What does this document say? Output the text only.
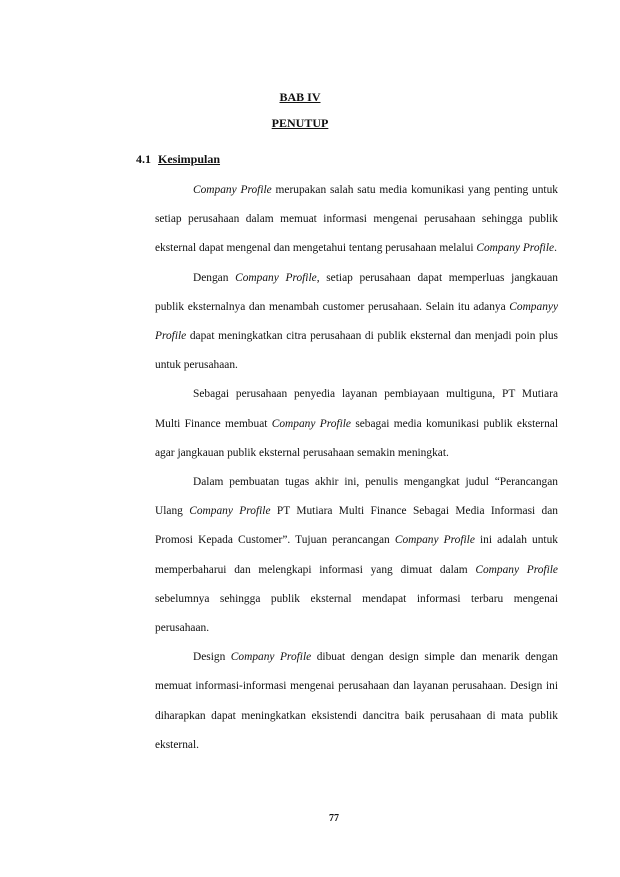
BAB IV
PENUTUP
4.1 Kesimpulan

Company Profile merupakan salah satu media komunikasi yang penting untuk setiap perusahaan dalam memuat informasi mengenai perusahaan sehingga publik eksternal dapat mengenal dan mengetahui tentang perusahaan melalui Company Profile.

Dengan Company Profile, setiap perusahaan dapat memperluas jangkauan publik eksternalnya dan menambah customer perusahaan. Selain itu adanya Companyy Profile dapat meningkatkan citra perusahaan di publik eksternal dan menjadi poin plus untuk perusahaan.

Sebagai perusahaan penyedia layanan pembiayaan multiguna, PT Mutiara Multi Finance membuat Company Profile sebagai media komunikasi publik eksternal agar jangkauan publik eksternal perusahaan semakin meningkat.

Dalam pembuatan tugas akhir ini, penulis mengangkat judul “Perancangan Ulang Company Profile PT Mutiara Multi Finance Sebagai Media Informasi dan Promosi Kepada Customer”. Tujuan perancangan Company Profile ini adalah untuk memperbaharui dan melengkapi informasi yang dimuat dalam Company Profile sebelumnya sehingga publik eksternal mendapat informasi terbaru mengenai perusahaan.

Design Company Profile dibuat dengan design simple dan menarik dengan memuat informasi-informasi mengenai perusahaan dan layanan perusahaan. Design ini diharapkan dapat meningkatkan eksistendi dancitra baik perusahaan di mata publik eksternal.

77
